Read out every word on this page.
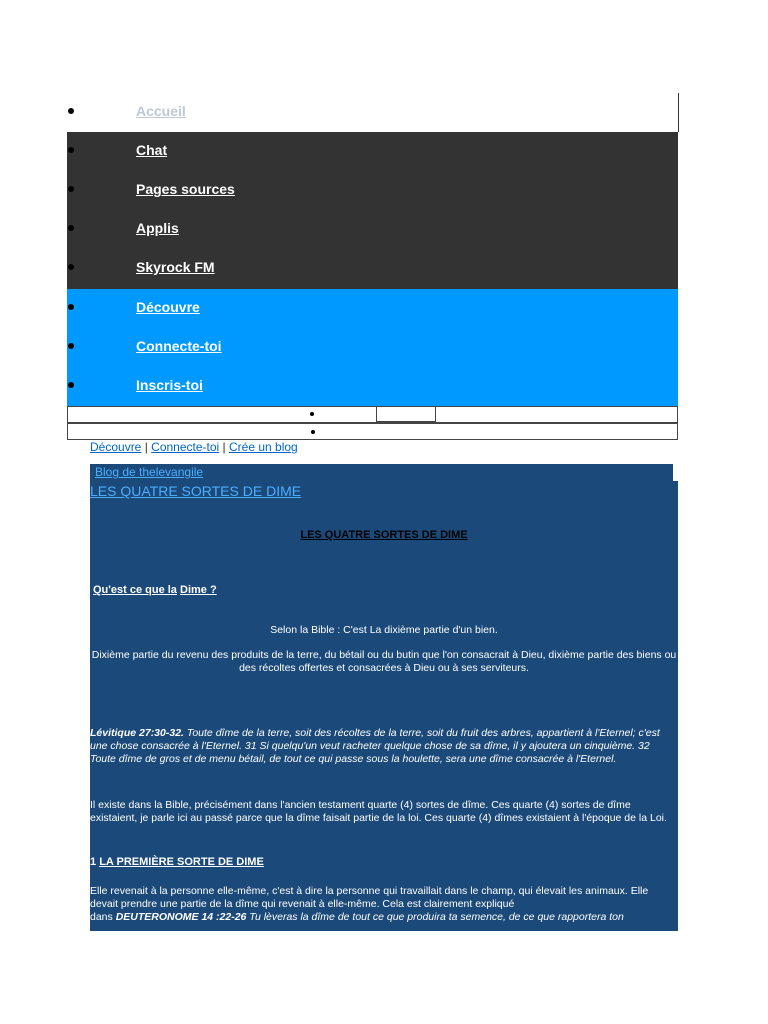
Accueil
Chat
Pages sources
Applis
Skyrock FM
Découvre
Connecte-toi
Inscris-toi
Découvre | Connecte-toi | Crée un blog
Blog de thelevangile
LES QUATRE SORTES DE DIME
LES QUATRE SORTES DE DIME
Qu'est ce que la Dime ?
Selon la Bible : C'est La dixième partie d'un bien.
Dixième partie du revenu des produits de la terre, du bétail ou du butin que l'on consacrait à Dieu, dixième partie des biens ou des récoltes offertes et consacrées à Dieu ou à ses serviteurs.
Lévitique 27:30-32. Toute dîme de la terre, soit des récoltes de la terre, soit du fruit des arbres, appartient à l'Eternel; c'est une chose consacrée à l'Eternel. 31 Si quelqu'un veut racheter quelque chose de sa dîme, il y ajoutera un cinquième. 32 Toute dîme de gros et de menu bétail, de tout ce qui passe sous la houlette, sera une dîme consacrée à l'Eternel.
Il existe dans la Bible, précisément dans l'ancien testament quarte (4) sortes de dîme. Ces quarte (4) sortes de dîme existaient, je parle ici au passé parce que la dîme faisait partie de la loi. Ces quarte (4) dîmes existaient à l'époque de la Loi.
1 LA PREMIÈRE SORTE DE DIME
Elle revenait à la personne elle-même, c'est à dire la personne qui travaillait dans le champ, qui élevait les animaux. Elle devait prendre une partie de la dîme qui revenait à elle-même. Cela est clairement expliqué
dans DEUTERONOME 14 :22-26 Tu lèveras la dîme de tout ce que produira ta semence, de ce que rapportera ton
